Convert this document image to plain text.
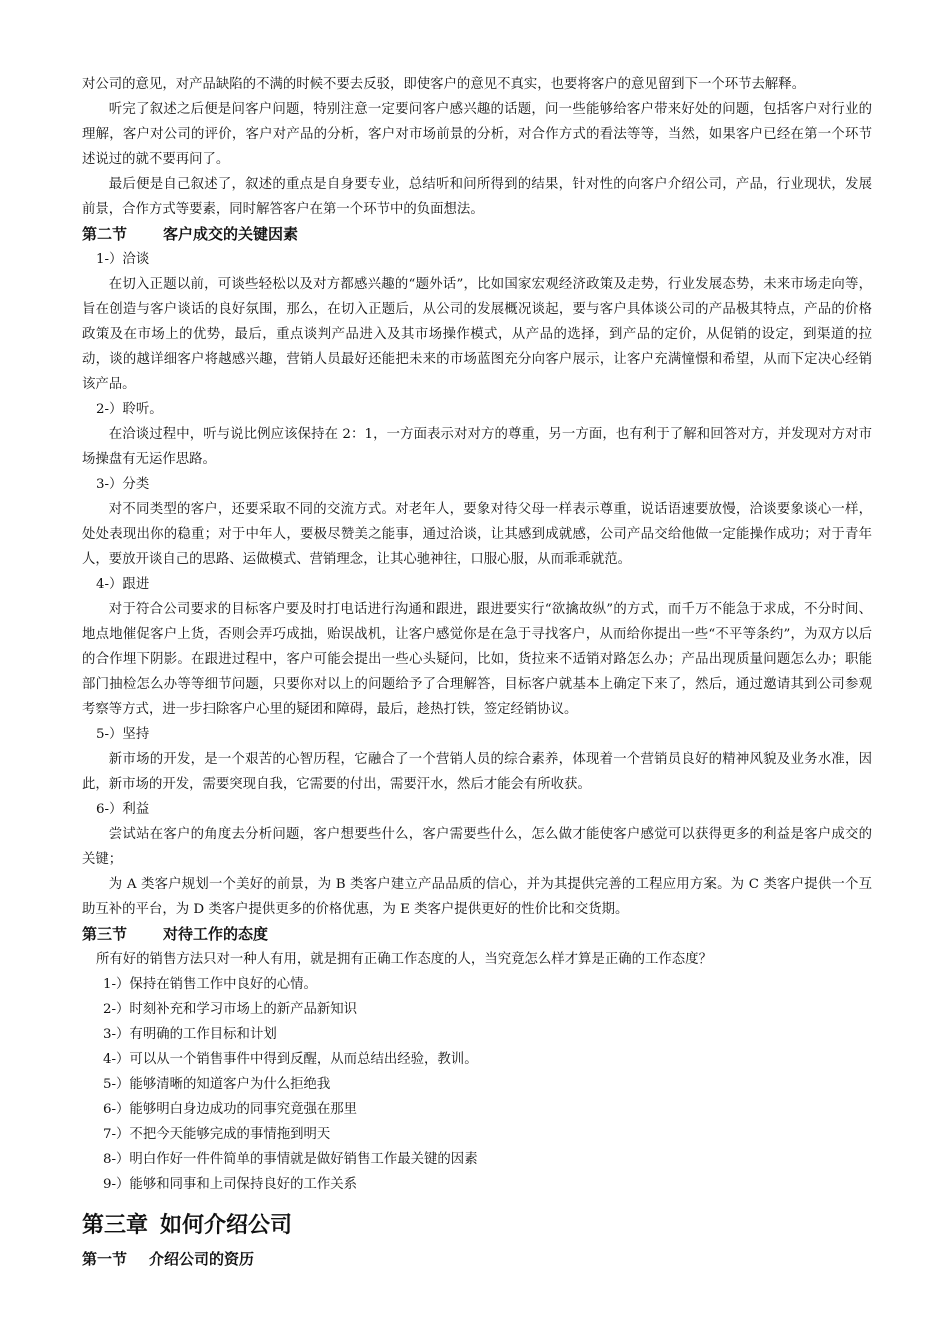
对公司的意见，对产品缺陷的不满的时候不要去反驳，即使客户的意见不真实，也要将客户的意见留到下一个环节去解释。

听完了叙述之后便是问客户问题，特别注意一定要问客户感兴趣的话题，问一些能够给客户带来好处的问题，包括客户对行业的理解，客户对公司的评价，客户对产品的分析，客户对市场前景的分析，对合作方式的看法等等，当然，如果客户已经在第一个环节述说过的就不要再问了。

最后便是自己叙述了，叙述的重点是自身要专业，总结听和问所得到的结果，针对性的向客户介绍公司，产品，行业现状，发展前景，合作方式等要素，同时解答客户在第一个环节中的负面想法。

第二节 客户成交的关键因素

1-）洽谈

在切入正题以前，可谈些轻松以及对方都感兴趣的“题外话”，比如国家宏观经济政策及走势，行业发展态势，未来市场走向等，旨在创造与客户谈话的良好氛围，那么，在切入正题后，从公司的发展概况谈起，要与客户具体谈公司的产品极其特点，产品的价格政策及在市场上的优势，最后，重点谈判产品进入及其市场操作模式，从产品的选择，到产品的定价，从促销的设定，到渠道的拉动，谈的越详细客户将越感兴趣，营销人员最好还能把未来的市场蓝图充分向客户展示，让客户充满憧憬和希望，从而下定决心经销该产品。

2-）聆听。

在洽谈过程中，听与说比例应该保持在 2：1，一方面表示对对方的尊重，另一方面，也有利于了解和回答对方，并发现对方对市场操盘有无运作思路。

3-）分类

对不同类型的客户，还要采取不同的交流方式。对老年人，要象对待父母一样表示尊重，说话语速要放慢，洽谈要象谈心一样，处处表现出你的稳重；对于中年人，要极尽赞美之能事，通过洽谈，让其感到成就感，公司产品交给他做一定能操作成功；对于青年人，要放开谈自己的思路、运做模式、营销理念，让其心驰神往，口服心服，从而乖乖就范。

4-）跟进

对于符合公司要求的目标客户要及时打电话进行沟通和跟进，跟进要实行“欲擒故纵”的方式，而千万不能急于求成，不分时间、地点地催促客户上货，否则会弄巧成拙，贻误战机，让客户感觉你是在急于寻找客户，从而给你提出一些“不平等条约”，为双方以后的合作埋下阴影。在跟进过程中，客户可能会提出一些心头疑问，比如，货拉来不适销对路怎么办；产品出现质量问题怎么办；职能部门抽检怎么办等等细节问题，只要你对以上的问题给予了合理解答，目标客户就基本上确定下来了，然后，通过邀请其到公司参观考察等方式，进一步扫除客户心里的疑团和障碍，最后，趁热打铁，签定经销协议。

5-）坚持

新市场的开发，是一个艰苦的心智历程，它融合了一个营销人员的综合素养，体现着一个营销员良好的精神风貌及业务水准，因此，新市场的开发，需要突现自我，它需要的付出，需要汗水，然后才能会有所收获。

6-）利益

尝试站在客户的角度去分析问题，客户想要些什么，客户需要些什么，怎么做才能使客户感觉可以获得更多的利益是客户成交的关键；

为 A 类客户规划一个美好的前景，为 B 类客户建立产品品质的信心，并为其提供完善的工程应用方案。为 C 类客户提供一个互助互补的平台，为 D 类客户提供更多的价格优惠，为 E 类客户提供更好的性价比和交货期。

第三节 对待工作的态度

所有好的销售方法只对一种人有用，就是拥有正确工作态度的人，当究竟怎么样才算是正确的工作态度？

1-）保持在销售工作中良好的心情。

2-）时刻补充和学习市场上的新产品新知识

3-）有明确的工作目标和计划

4-）可以从一个销售事件中得到反醒，从而总结出经验，教训。

5-）能够清晰的知道客户为什么拒绝我

6-）能够明白身边成功的同事究竟强在那里

7-）不把今天能够完成的事情拖到明天

8-）明白作好一件件简单的事情就是做好销售工作最关键的因素

9-）能够和同事和上司保持良好的工作关系

第三章 如何介绍公司
第一节 介绍公司的资历
